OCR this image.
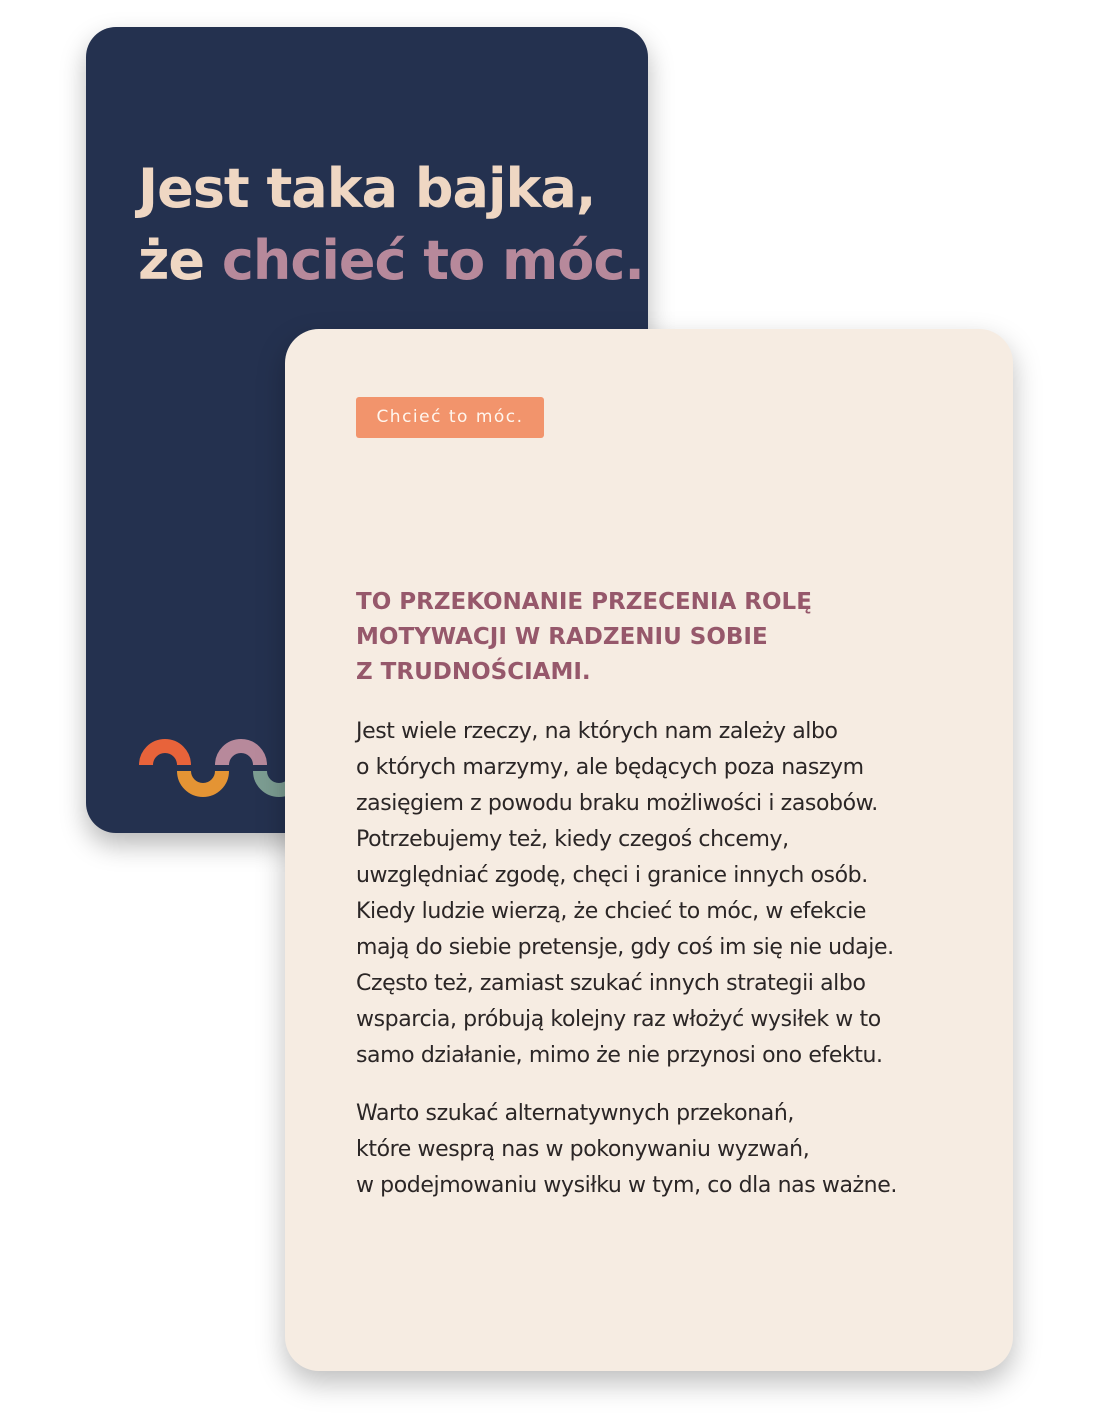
Jest taka bajka,
że chcieć to móc.
Chcieć to móc.
TO PRZEKONANIE PRZECENIA ROLĘ
MOTYWACJI W RADZENIU SOBIE
Z TRUDNOŚCIAMI.

Jest wiele rzeczy, na których nam zależy albo
o których marzymy, ale będących poza naszym
zasięgiem z powodu braku możliwości i zasobów.
Potrzebujemy też, kiedy czegoś chcemy,
uwzględniać zgodę, chęci i granice innych osób.
Kiedy ludzie wierzą, że chcieć to móc, w efekcie
mają do siebie pretensje, gdy coś im się nie udaje.
Często też, zamiast szukać innych strategii albo
wsparcia, próbują kolejny raz włożyć wysiłek w to
samo działanie, mimo że nie przynosi ono efektu.

Warto szukać alternatywnych przekonań,
które wesprą nas w pokonywaniu wyzwań,
w podejmowaniu wysiłku w tym, co dla nas ważne.
